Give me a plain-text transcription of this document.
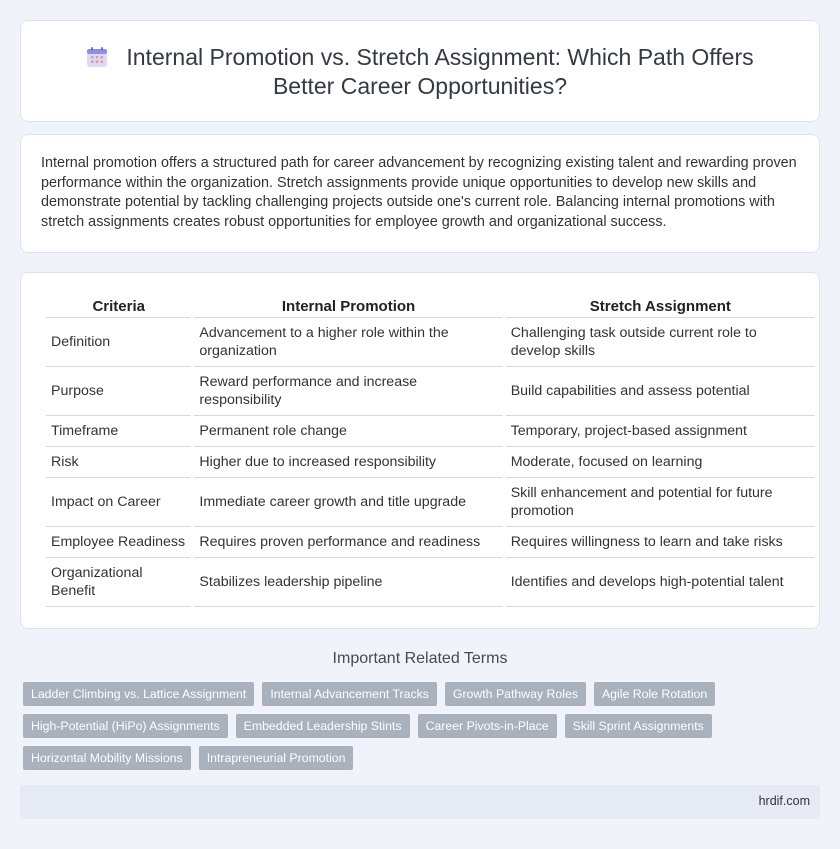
Internal Promotion vs. Stretch Assignment: Which Path Offers Better Career Opportunities?

Internal promotion offers a structured path for career advancement by recognizing existing talent and rewarding proven performance within the organization. Stretch assignments provide unique opportunities to develop new skills and demonstrate potential by tackling challenging projects outside one's current role. Balancing internal promotions with stretch assignments creates robust opportunities for employee growth and organizational success.

Criteria	Internal Promotion	Stretch Assignment
Definition	Advancement to a higher role within the organization	Challenging task outside current role to develop skills
Purpose	Reward performance and increase responsibility	Build capabilities and assess potential
Timeframe	Permanent role change	Temporary, project-based assignment
Risk	Higher due to increased responsibility	Moderate, focused on learning
Impact on Career	Immediate career growth and title upgrade	Skill enhancement and potential for future promotion
Employee Readiness	Requires proven performance and readiness	Requires willingness to learn and take risks
Organizational Benefit	Stabilizes leadership pipeline	Identifies and develops high-potential talent
Important Related Terms
Ladder Climbing vs. Lattice Assignment	Internal Advancement Tracks	Growth Pathway Roles	Agile Role Rotation
High-Potential (HiPo) Assignments	Embedded Leadership Stints	Career Pivots-in-Place	Skill Sprint Assignments
Horizontal Mobility Missions	Intrapreneurial Promotion
hrdif.com
